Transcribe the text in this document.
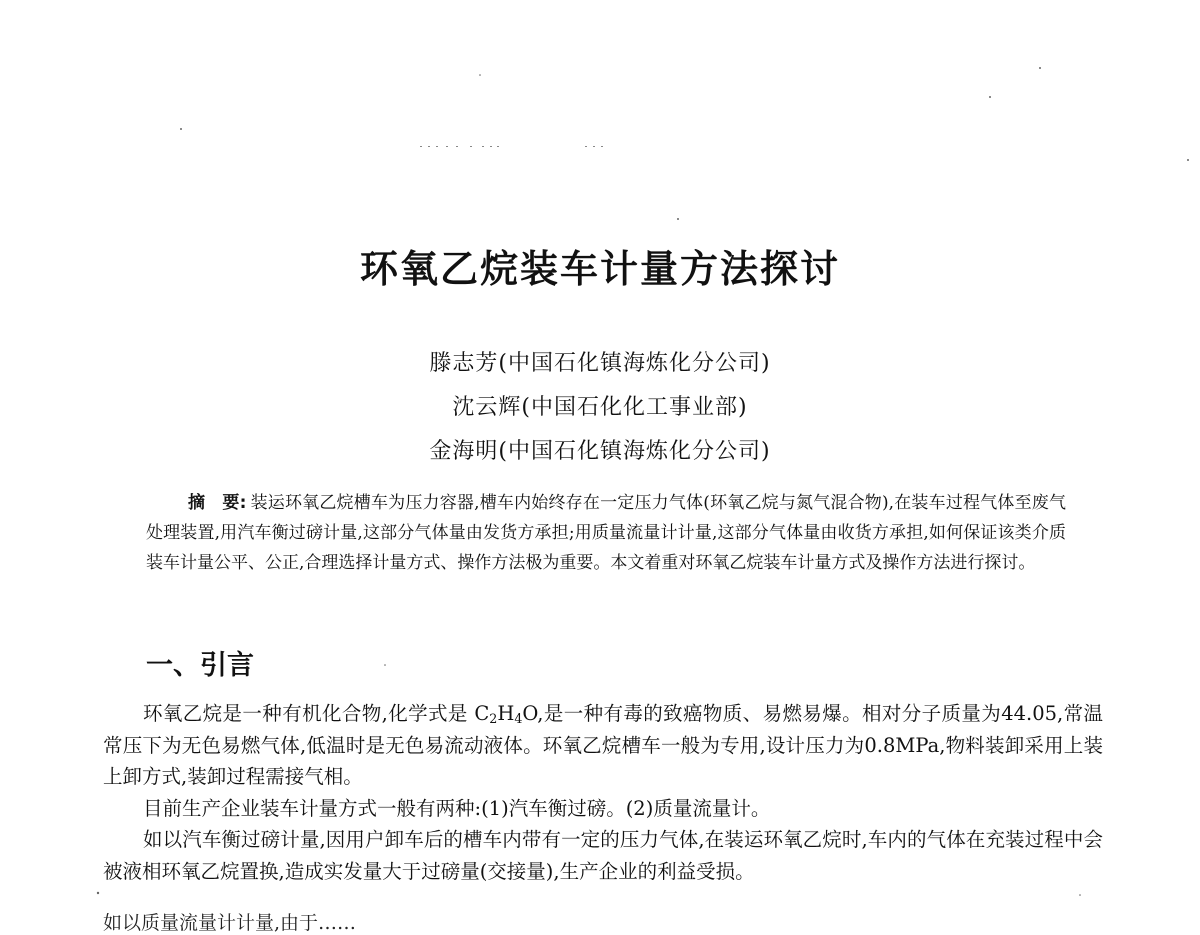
环氧乙烷装车计量方法探讨
滕志芳(中国石化镇海炼化分公司)
沈云辉(中国石化化工事业部)
金海明(中国石化镇海炼化分公司)
摘　要: 装运环氧乙烷槽车为压力容器,槽车内始终存在一定压力气体(环氧乙烷与氮气混合物),在装车过程气体至废气处理装置,用汽车衡过磅计量,这部分气体量由发货方承担;用质量流量计计量,这部分气体量由收货方承担,如何保证该类介质装车计量公平、公正,合理选择计量方式、操作方法极为重要。本文着重对环氧乙烷装车计量方式及操作方法进行探讨。
一、引言

环氧乙烷是一种有机化合物,化学式是 $C_2H_4O$,是一种有毒的致癌物质、易燃易爆。相对分子质量为44.05,常温常压下为无色易燃气体,低温时是无色易流动液体。环氧乙烷槽车一般为专用,设计压力为0.8MPa,物料装卸采用上装上卸方式,装卸过程需接气相。

目前生产企业装车计量方式一般有两种:(1)汽车衡过磅。(2)质量流量计。

如以汽车衡过磅计量,因用户卸车后的槽车内带有一定的压力气体,在装运环氧乙烷时,车内的气体在充装过程中会被液相环氧乙烷置换,造成实发量大于过磅量(交接量),生产企业的利益受损。

如以质量流量计计量,由于……
